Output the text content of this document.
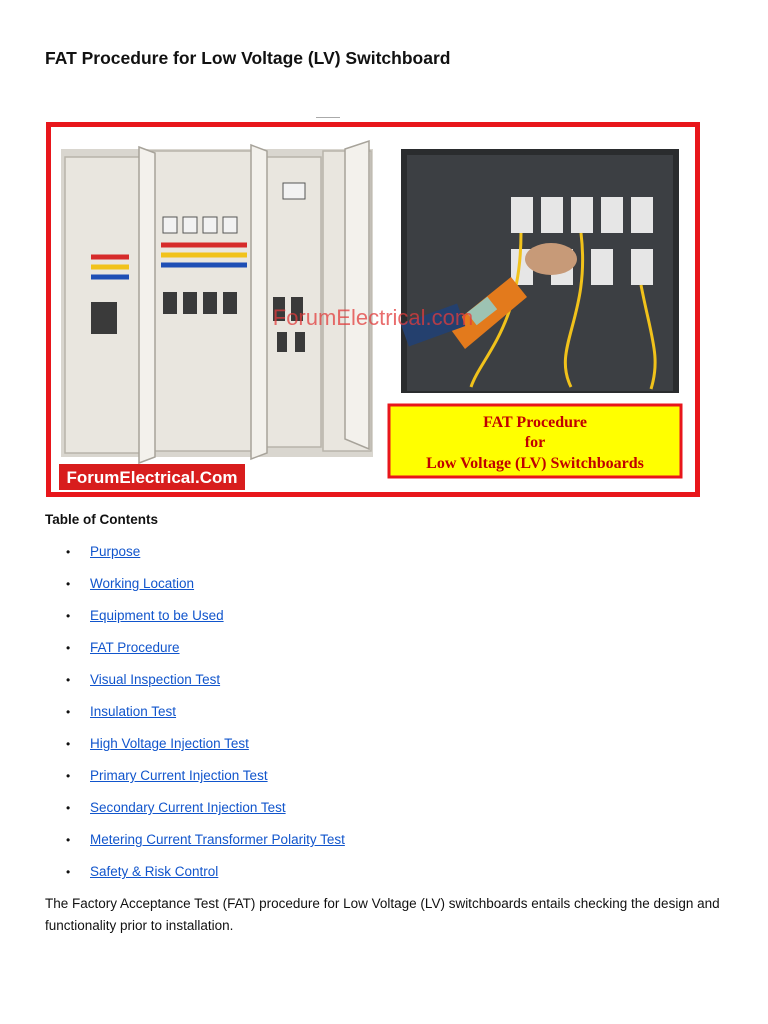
FAT Procedure for Low Voltage (LV) Switchboard
ForumElectrical.Com
ForumElectrical.com
FAT Procedure
for
Low Voltage (LV) Switchboards
Table of Contents
• Purpose
• Working Location
• Equipment to be Used
• FAT Procedure
• Visual Inspection Test
• Insulation Test
• High Voltage Injection Test
• Primary Current Injection Test
• Secondary Current Injection Test
• Metering Current Transformer Polarity Test
• Safety & Risk Control

The Factory Acceptance Test (FAT) procedure for Low Voltage (LV) switchboards entails checking the design and functionality prior to installation.
